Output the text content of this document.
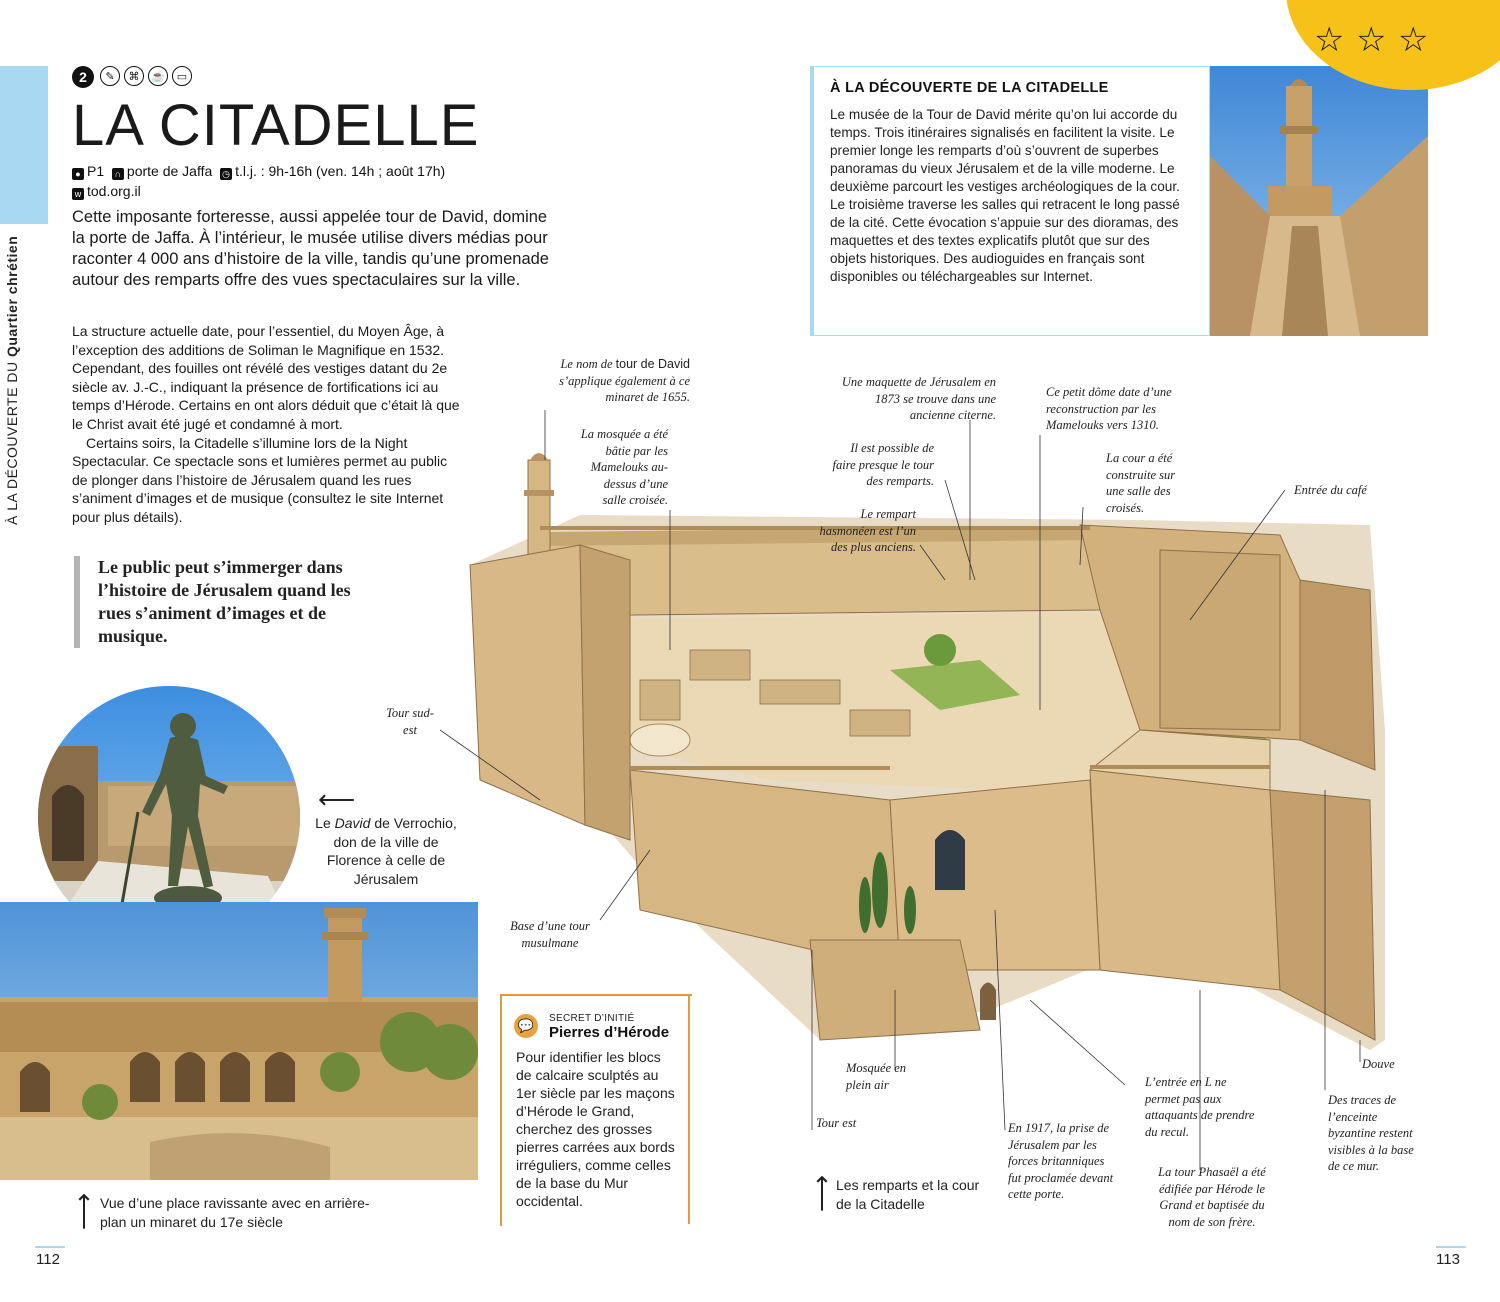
À LA DÉCOUVERTE DU Quartier chrétien
2	✎	⌘	☕	▭
LA CITADELLE
● P1 ∩ porte de Jaffa ◷ t.l.j. : 9h-16h (ven. 14h ; août 17h)
w tod.org.il

Cette imposante forteresse, aussi appelée tour de David, domine la porte de Jaffa. À l’intérieur, le musée utilise divers médias pour raconter 4 000 ans d’histoire de la ville, tandis qu’une promenade autour des remparts offre des vues spectaculaires sur la ville.

La structure actuelle date, pour l’essentiel, du Moyen Âge, à l’exception des additions de Soliman le Magnifique en 1532. Cependant, des fouilles ont révélé des vestiges datant du 2e siècle av. J.-C., indiquant la présence de fortifications ici au temps d’Hérode. Certains en ont alors déduit que c’était là que le Christ avait été jugé et condamné à mort.

Certains soirs, la Citadelle s’illumine lors de la Night Spectacular. Ce spectacle sons et lumières permet au public de plonger dans l’histoire de Jérusalem quand les rues s’animent d’images et de musique (consultez le site Internet pour plus détails).

Le public peut s’immerger dans l’histoire de Jérusalem quand les rues s’animent d’images et de musique.
⟵
Le David de Verrochio, don de la ville de Florence à celle de Jérusalem
⟵ Vue d’une place ravissante avec en arrière-plan un minaret du 17e siècle
💬	SECRET D’INITIÉ
Pierres d’Hérode

Pour identifier les blocs de calcaire sculptés au 1er siècle par les maçons d’Hérode le Grand, cherchez des grosses pierres carrées aux bords irréguliers, comme celles de la base du Mur occidental.

À LA DÉCOUVERTE DE LA CITADELLE

Le musée de la Tour de David mérite qu’on lui accorde du temps. Trois itinéraires signalisés en facilitent la visite. Le premier longe les remparts d’où s’ouvrent de superbes panoramas du vieux Jérusalem et de la ville moderne. Le deuxième parcourt les vestiges archéologiques de la cour. Le troisième traverse les salles qui retracent le long passé de la cité. Cette évocation s’appuie sur des dioramas, des maquettes et des textes explicatifs plutôt que sur des objets historiques. Des audioguides en français sont disponibles ou téléchargeables sur Internet.

☆ ☆ ☆
Le nom de tour de David s’applique également à ce minaret de 1655.
La mosquée a été bâtie par les Mamelouks au-dessus d’une salle croisée.
Une maquette de Jérusalem en 1873 se trouve dans une ancienne citerne.
Ce petit dôme date d’une reconstruction par les Mamelouks vers 1310.
Il est possible de faire presque le tour des remparts.
La cour a été construite sur une salle des croisés.
Entrée du café
Le rempart hasmonéen est l’un des plus anciens.
Tour sud-est
Base d’une tour musulmane
Mosquée en plein air
Tour est
L’entrée en L ne permet pas aux attaquants de prendre du recul.
En 1917, la prise de Jérusalem par les forces britanniques fut proclamée devant cette porte.
La tour Phasaël a été édifiée par Hérode le Grand et baptisée du nom de son frère.
Douve
Des traces de l’enceinte byzantine restent visibles à la base de ce mur.
⟵
Les remparts et la cour de la Citadelle
112	113
